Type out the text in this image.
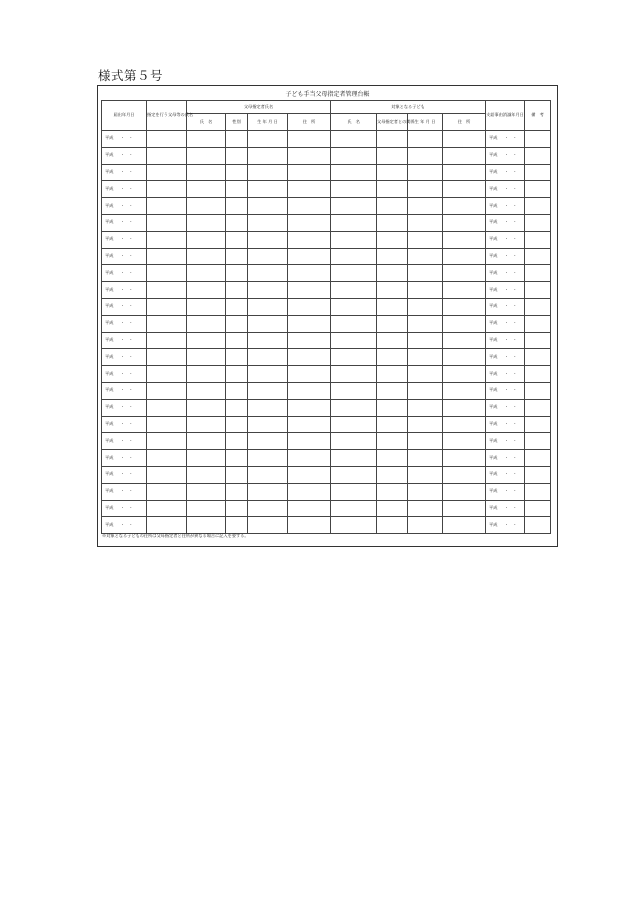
様式第５号
子ども手当父母指定者管理台帳
届出年月日	指定を行う父母等の氏名	父母指定者氏名				対象となる子ども				支給事由消滅年月日	備　考
		氏　名	性別	生 年 月 日	住　所	氏　名	父母指定者との関係	生 年 月 日	住　所		
平成 ・　・										平成 ・　・	
平成 ・　・										平成 ・　・	
平成 ・　・										平成 ・　・	
平成 ・　・										平成 ・　・	
平成 ・　・										平成 ・　・	
平成 ・　・										平成 ・　・	
平成 ・　・										平成 ・　・	
平成 ・　・										平成 ・　・	
平成 ・　・										平成 ・　・	
平成 ・　・										平成 ・　・	
平成 ・　・										平成 ・　・	
平成 ・　・										平成 ・　・	
平成 ・　・										平成 ・　・	
平成 ・　・										平成 ・　・	
平成 ・　・										平成 ・　・	
平成 ・　・										平成 ・　・	
平成 ・　・										平成 ・　・	
平成 ・　・										平成 ・　・	
平成 ・　・										平成 ・　・	
平成 ・　・										平成 ・　・	
平成 ・　・										平成 ・　・	
平成 ・　・										平成 ・　・	
平成 ・　・										平成 ・　・	
平成 ・　・										平成 ・　・	
※対象となる子どもの住所は父母指定者と住所が異なる場合に記入を要する。
